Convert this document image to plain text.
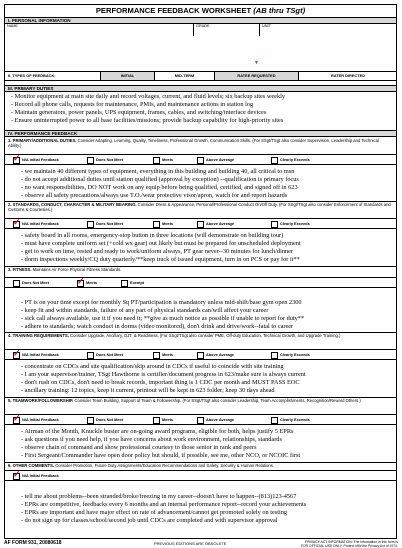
PERFORMANCE FEEDBACK WORKSHEET (AB thru TSgt)
I. PERSONAL INFORMATION
NAME	GRADE	UNIT
II. TYPES OF FEEDBACK:	INITIAL	MID-TERM	RATEE REQUESTED	RATER DIRECTED
▼
III. PRIMARY DUTIES
- Monitor equipment at main site daily and record voltages, current, and fluid levels; six backup sites weekly
- Record all phone calls, requests for maintenance, PMIs, and maintenance actions in station log
- Maintain generators, power panels, UPS equipment, frames, cables, and switching/interface devices
- Ensure uninterrupted power to all base facilities/missions; provide backup capability for high-priority sites
IV. PERFORMANCE FEEDBACK
1. PRIMARY/ADDITIONAL DUTIES. Consider Adapting, Learning, Quality, Timeliness, Professional Growth, Communication Skills. (For SSgt/TSgt also consider Supervision, Leadership and Technical Ability.)
✓ N/A Initial Feedback	Does Not Meet	Meets	Above Average	Clearly Exceeds
- we maintain 40 different types of equipment, everything in this building and building 40, all critical to msn
- do not accept additional duties until station qualified (approval by exception) --qualification is primary focus
- no want responsibilities, DO NOT work on any equip before being qualified, certified, and signed off in 623
- observe all safety precautions/always use T.O./wear protective visor/apron, watch for and report hazards
2. STANDARDS, CONDUCT, CHARACTER & MILITARY BEARING. Consider Dress & Appearance, Personal/Professional Conduct On/Off Duty. (For SSgt/TSgt also consider Enforcement of Standards and Customs & Courtesies.)
✓ N/A Initial Feedback	Does Not Meet	Meets	Above Average	Clearly Exceeds
- safety board in all rooms, emergency-stop button in three locations (will demonstrate on building tour)
- must have complete uniform set (+cold wx gear) out likely but must be prepared for unscheduled deployment
- get to work on time, rested and ready to work/uniform always, PT gear never--30 minutes for lunch/dinner
- dorm inspections weekly/CQ duty quarterly/**keep track of issued equipment, turn in on PCS or pay for it**
3. FITNESS. Maintains Air Force Physical Fitness Standards.
Does Not Meet	✓ Meets	Exempt
- PT is on your time except for monthly Sq PT/participation is mandatory unless mid-shift/base gym open 2300
- keep fit and within standards, failure of any part of physical standards can/will affect your career
- sick call always available, use it if you need it; **give as much notice as possible if unable to report for duty**
- adhere to standards; watch conduct in dorms (video monitored), don't drink and drive/work--fatal to career
4. TRAINING REQUIREMENTS. Consider Upgrade, Ancillary, OJT, & Readiness. (For SSgt/TSgt also consider PME, Off-duty Education, Technical Growth, and Upgrade Training.)
✓ N/A Initial Feedback	Does Not Meet	Meets	Above Average	Clearly Exceeds
- concentrate on CDCs and site qualification/skip around in CDCs if useful to coincide with site training
- I am your supervisor/trainer, TSgt Hawthorne is certifier/document progress in 623/make sure is always current
- don't rush on CDCs, don't need to break records, important thing is 1 CDC per month and MUST PASS EOC
- ancillary training: 12 topics, keep it current, printout will be kept in 623 folder; keep 30 days ahead
5. TEAMWORK/FOLLOWERSHIP. Consider Team Building, Support of Team & Followership. (For SSgt/TSgt also consider Leadership, Team Accomplishments, Recognition/Reward Others.)
✓ N/A Initial Feedback	Does Not Meet	Meets	Above Average	Clearly Exceeds
- Airman of the Month, Knuckle buster are on-going award programs, eligible for both, helps justify 5 EPRs
- ask questions if you need help, if you have concerns about work environment, relationships, standards
- observe chain of command and show professional courtesy to those senior in rank and peers
- First Sergeant/Commander have open door policy but should, if possible, see me, other NCO, or NCOIC first
6. OTHER COMMENTS. Consider Promotion, Future Duty Assignments/Education Recommendations and Safety, Security & Human Relations.
✓ N/A Initial Feedback
- tell me about problems--been stranded/broke/freezing in my career--doesn't have to happen--(813)123-4567
- EPRs are competitive, feedbacks every 6 months and an internal performance report--record your achievements
- EPRs are important and have major effect on rate of advancement/cannot get promoted solely on testing
- do not sign up for classes/school/second job until CDCs are completed and with supervisor approval
AF FORM 931, 20080618	PREVIOUS EDITIONS ARE OBSOLETE	PRIVACY ACT INFORMATION: The information in this form is
FOR OFFICIAL USE ONLY. Protect IAW the Privacy Act of 1974.
